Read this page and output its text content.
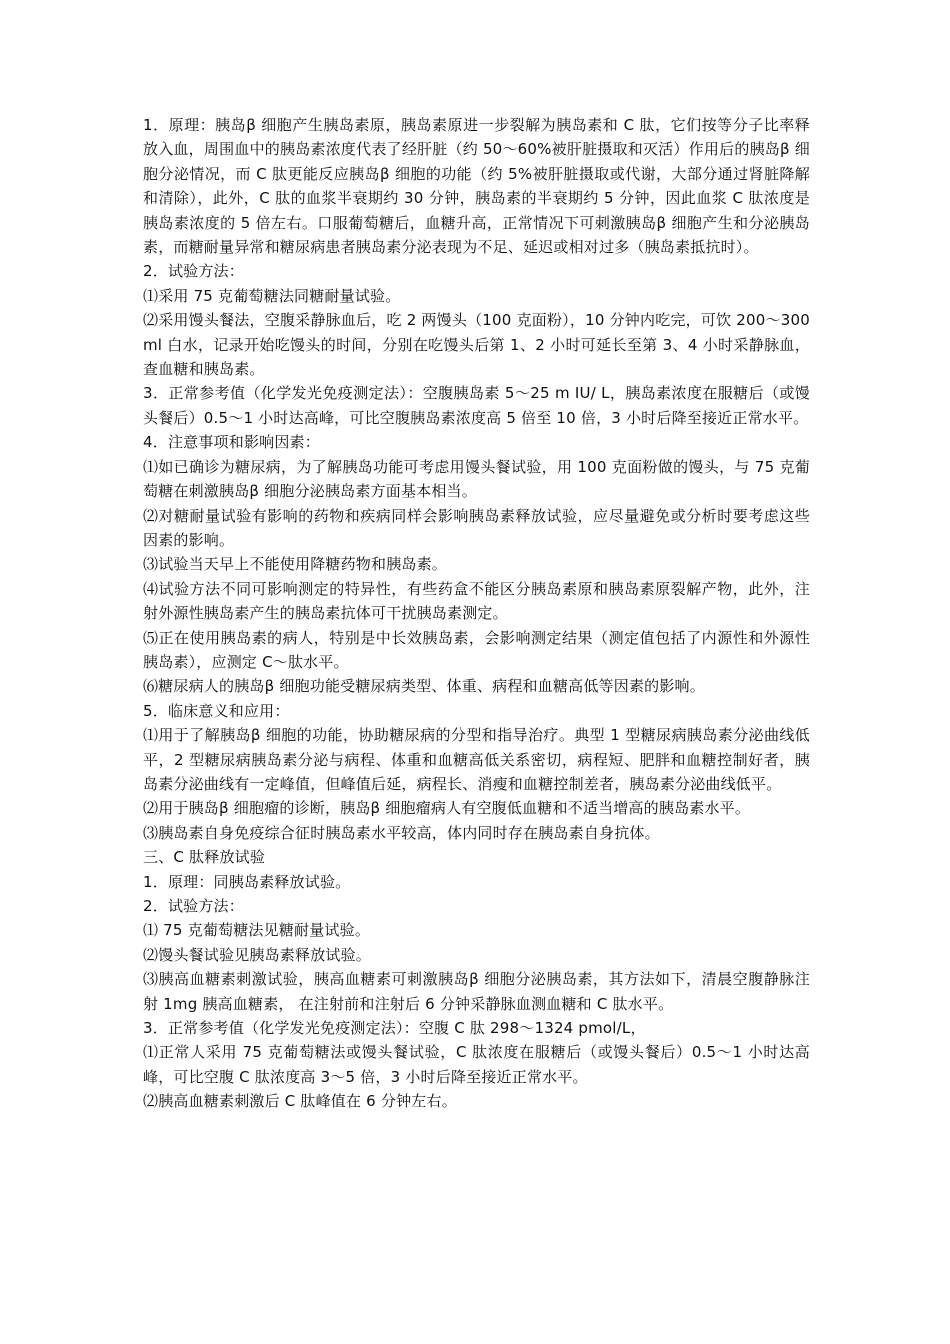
1．原理：胰岛β 细胞产生胰岛素原，胰岛素原进一步裂解为胰岛素和 C 肽，它们按等分子比率释放入血，周围血中的胰岛素浓度代表了经肝脏（约 50～60%被肝脏摄取和灭活）作用后的胰岛β 细胞分泌情况，而 C 肽更能反应胰岛β 细胞的功能（约 5%被肝脏摄取或代谢，大部分通过肾脏降解和清除），此外，C 肽的血浆半衰期约 30 分钟，胰岛素的半衰期约 5 分钟，因此血浆 C 肽浓度是胰岛素浓度的 5 倍左右。口服葡萄糖后，血糖升高，正常情况下可刺激胰岛β 细胞产生和分泌胰岛素，而糖耐量异常和糖尿病患者胰岛素分泌表现为不足、延迟或相对过多（胰岛素抵抗时）。

2．试验方法：

⑴采用 75 克葡萄糖法同糖耐量试验。

⑵采用馒头餐法，空腹采静脉血后，吃 2 两馒头（100 克面粉），10 分钟内吃完，可饮 200～300ml 白水，记录开始吃馒头的时间，分别在吃馒头后第 1、2 小时可延长至第 3、4 小时采静脉血，查血糖和胰岛素。

3．正常参考值（化学发光免疫测定法）：空腹胰岛素 5～25 m IU/ L，胰岛素浓度在服糖后（或馒头餐后）0.5～1 小时达高峰，可比空腹胰岛素浓度高 5 倍至 10 倍，3 小时后降至接近正常水平。

4．注意事项和影响因素：

⑴如已确诊为糖尿病，为了解胰岛功能可考虑用馒头餐试验，用 100 克面粉做的馒头，与 75 克葡萄糖在刺激胰岛β 细胞分泌胰岛素方面基本相当。

⑵对糖耐量试验有影响的药物和疾病同样会影响胰岛素释放试验，应尽量避免或分析时要考虑这些因素的影响。

⑶试验当天早上不能使用降糖药物和胰岛素。

⑷试验方法不同可影响测定的特异性，有些药盒不能区分胰岛素原和胰岛素原裂解产物，此外，注射外源性胰岛素产生的胰岛素抗体可干扰胰岛素测定。

⑸正在使用胰岛素的病人，特别是中长效胰岛素，会影响测定结果（测定值包括了内源性和外源性胰岛素），应测定 C～肽水平。

⑹糖尿病人的胰岛β 细胞功能受糖尿病类型、体重、病程和血糖高低等因素的影响。

5．临床意义和应用：

⑴用于了解胰岛β 细胞的功能，协助糖尿病的分型和指导治疗。典型 1 型糖尿病胰岛素分泌曲线低平，2 型糖尿病胰岛素分泌与病程、体重和血糖高低关系密切，病程短、肥胖和血糖控制好者，胰岛素分泌曲线有一定峰值，但峰值后延，病程长、消瘦和血糖控制差者，胰岛素分泌曲线低平。

⑵用于胰岛β 细胞瘤的诊断，胰岛β 细胞瘤病人有空腹低血糖和不适当增高的胰岛素水平。

⑶胰岛素自身免疫综合征时胰岛素水平较高，体内同时存在胰岛素自身抗体。

三、C 肽释放试验

1．原理：同胰岛素释放试验。

2．试验方法：

⑴ 75 克葡萄糖法见糖耐量试验。

⑵馒头餐试验见胰岛素释放试验。

⑶胰高血糖素刺激试验，胰高血糖素可刺激胰岛β 细胞分泌胰岛素，其方法如下，清晨空腹静脉注射 1mg 胰高血糖素， 在注射前和注射后 6 分钟采静脉血测血糖和 C 肽水平。

3．正常参考值（化学发光免疫测定法）：空腹 C 肽 298～1324 pmol/L，

⑴正常人采用 75 克葡萄糖法或馒头餐试验，C 肽浓度在服糖后（或馒头餐后）0.5～1 小时达高峰，可比空腹 C 肽浓度高 3～5 倍，3 小时后降至接近正常水平。

⑵胰高血糖素刺激后 C 肽峰值在 6 分钟左右。
